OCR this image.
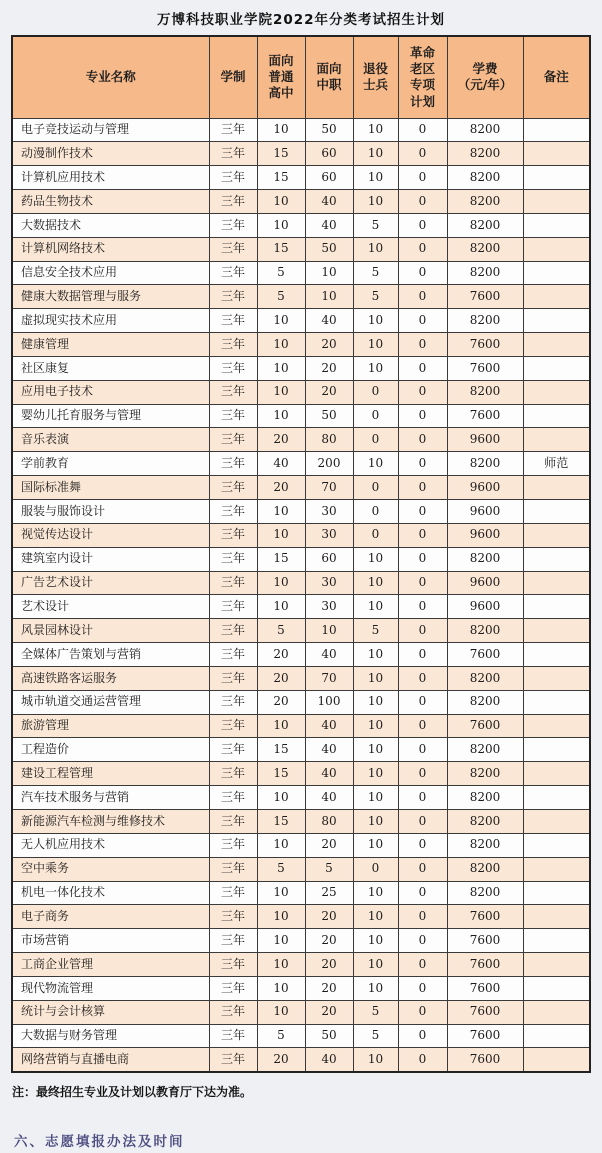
万博科技职业学院2022年分类考试招生计划
专业名称	学制	面向
普通
高中	面向
中职	退役
士兵	革命
老区
专项
计划	学费
（元/年）	备注
电子竞技运动与管理	三年	10	50	10	0	8200	
动漫制作技术	三年	15	60	10	0	8200	
计算机应用技术	三年	15	60	10	0	8200	
药品生物技术	三年	10	40	10	0	8200	
大数据技术	三年	10	40	5	0	8200	
计算机网络技术	三年	15	50	10	0	8200	
信息安全技术应用	三年	5	10	5	0	8200	
健康大数据管理与服务	三年	5	10	5	0	7600	
虚拟现实技术应用	三年	10	40	10	0	8200	
健康管理	三年	10	20	10	0	7600	
社区康复	三年	10	20	10	0	7600	
应用电子技术	三年	10	20	0	0	8200	
婴幼儿托育服务与管理	三年	10	50	0	0	7600	
音乐表演	三年	20	80	0	0	9600	
学前教育	三年	40	200	10	0	8200	师范
国际标准舞	三年	20	70	0	0	9600	
服装与服饰设计	三年	10	30	0	0	9600	
视觉传达设计	三年	10	30	0	0	9600	
建筑室内设计	三年	15	60	10	0	8200	
广告艺术设计	三年	10	30	10	0	9600	
艺术设计	三年	10	30	10	0	9600	
风景园林设计	三年	5	10	5	0	8200	
全媒体广告策划与营销	三年	20	40	10	0	7600	
高速铁路客运服务	三年	20	70	10	0	8200	
城市轨道交通运营管理	三年	20	100	10	0	8200	
旅游管理	三年	10	40	10	0	7600	
工程造价	三年	15	40	10	0	8200	
建设工程管理	三年	15	40	10	0	8200	
汽车技术服务与营销	三年	10	40	10	0	8200	
新能源汽车检测与维修技术	三年	15	80	10	0	8200	
无人机应用技术	三年	10	20	10	0	8200	
空中乘务	三年	5	5	0	0	8200	
机电一体化技术	三年	10	25	10	0	8200	
电子商务	三年	10	20	10	0	7600	
市场营销	三年	10	20	10	0	7600	
工商企业管理	三年	10	20	10	0	7600	
现代物流管理	三年	10	20	10	0	7600	
统计与会计核算	三年	10	20	5	0	7600	
大数据与财务管理	三年	5	50	5	0	7600	
网络营销与直播电商	三年	20	40	10	0	7600	

注：最终招生专业及计划以教育厅下达为准。

六、志愿填报办法及时间
